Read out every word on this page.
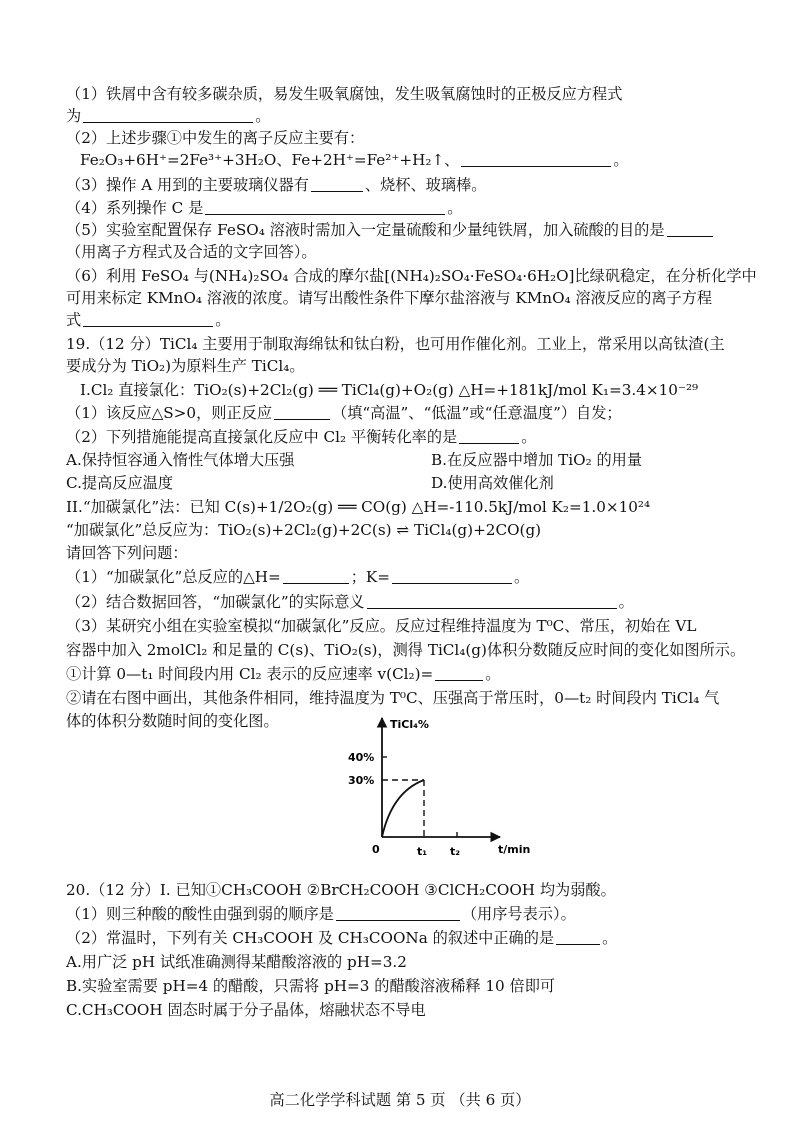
（1）铁屑中含有较多碳杂质，易发生吸氧腐蚀，发生吸氧腐蚀时的正极反应方程式
为	。
（2）上述步骤①中发生的离子反应主要有：
Fe₂O₃+6H⁺=2Fe³⁺+3H₂O、Fe+2H⁺=Fe²⁺+H₂↑、	。
（3）操作 A 用到的主要玻璃仪器有	、烧杯、玻璃棒。
（4）系列操作 C 是	。
（5）实验室配置保存 FeSO₄ 溶液时需加入一定量硫酸和少量纯铁屑，加入硫酸的目的是
（用离子方程式及合适的文字回答）。
（6）利用 FeSO₄ 与(NH₄)₂SO₄ 合成的摩尔盐[(NH₄)₂SO₄·FeSO₄·6H₂O]比绿矾稳定，在分析化学中
可用来标定 KMnO₄ 溶液的浓度。请写出酸性条件下摩尔盐溶液与 KMnO₄ 溶液反应的离子方程
式	。
19.（12 分）TiCl₄ 主要用于制取海绵钛和钛白粉，也可用作催化剂。工业上，常采用以高钛渣(主
要成分为 TiO₂)为原料生产 TiCl₄。
I.Cl₂ 直接氯化：TiO₂(s)+2Cl₂(g) ══ TiCl₄(g)+O₂(g) △H=+181kJ/mol K₁=3.4×10⁻²⁹
（1）该反应△S>0，则正反应	（填“高温”、“低温”或“任意温度”）自发；
（2）下列措施能提高直接氯化反应中 Cl₂ 平衡转化率的是	。
A.保持恒容通入惰性气体增大压强	B.在反应器中增加 TiO₂ 的用量
C.提高反应温度	D.使用高效催化剂
II.“加碳氯化”法：已知 C(s)+1/2O₂(g) ══ CO(g) △H=-110.5kJ/mol K₂=1.0×10²⁴
“加碳氯化”总反应为：TiO₂(s)+2Cl₂(g)+2C(s) ⇌ TiCl₄(g)+2CO(g)
请回答下列问题：
（1）“加碳氯化”总反应的△H=	；K=	。
（2）结合数据回答，“加碳氯化”的实际意义	。
（3）某研究小组在实验室模拟“加碳氯化”反应。反应过程维持温度为 T⁰C、常压，初始在 VL
容器中加入 2molCl₂ 和足量的 C(s)、TiO₂(s)，测得 TiCl₄(g)体积分数随反应时间的变化如图所示。
①计算 0—t₁ 时间段内用 Cl₂ 表示的反应速率 v(Cl₂)=	。
②请在右图中画出，其他条件相同，维持温度为 T⁰C、压强高于常压时，0—t₂ 时间段内 TiCl₄ 气
体的体积分数随时间的变化图。	TiCl₄%
t/min
40%
30%
0	t₁ t₂
20.（12 分）I. 已知①CH₃COOH ②BrCH₂COOH ③ClCH₂COOH 均为弱酸。
（1）则三种酸的酸性由强到弱的顺序是	（用序号表示）。
（2）常温时，下列有关 CH₃COOH 及 CH₃COONa 的叙述中正确的是	。
A.用广泛 pH 试纸准确测得某醋酸溶液的 pH=3.2
B.实验室需要 pH=4 的醋酸，只需将 pH=3 的醋酸溶液稀释 10 倍即可
C.CH₃COOH 固态时属于分子晶体，熔融状态不导电
高二化学学科试题 第 5 页 （共 6 页）
